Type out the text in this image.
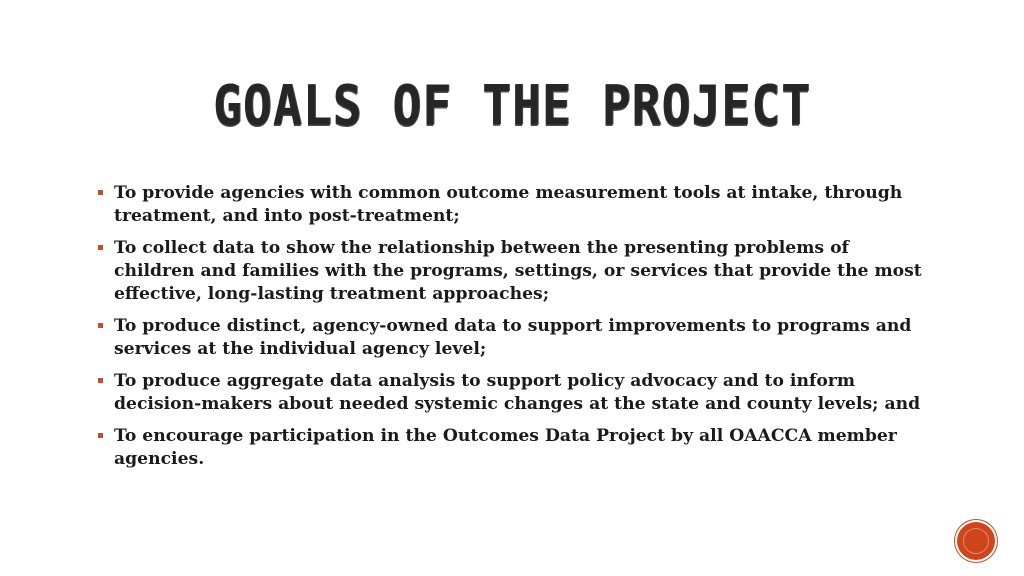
GOALS OF THE PROJECT
To provide agencies with common outcome measurement tools at intake, through treatment, and into post-treatment;
To collect data to show the relationship between the presenting problems of children and families with the programs, settings, or services that provide the most effective, long-lasting treatment approaches;
To produce distinct, agency-owned data to support improvements to programs and services at the individual agency level;
To produce aggregate data analysis to support policy advocacy and to inform decision-makers about needed systemic changes at the state and county levels; and
To encourage participation in the Outcomes Data Project by all OAACCA member agencies.
